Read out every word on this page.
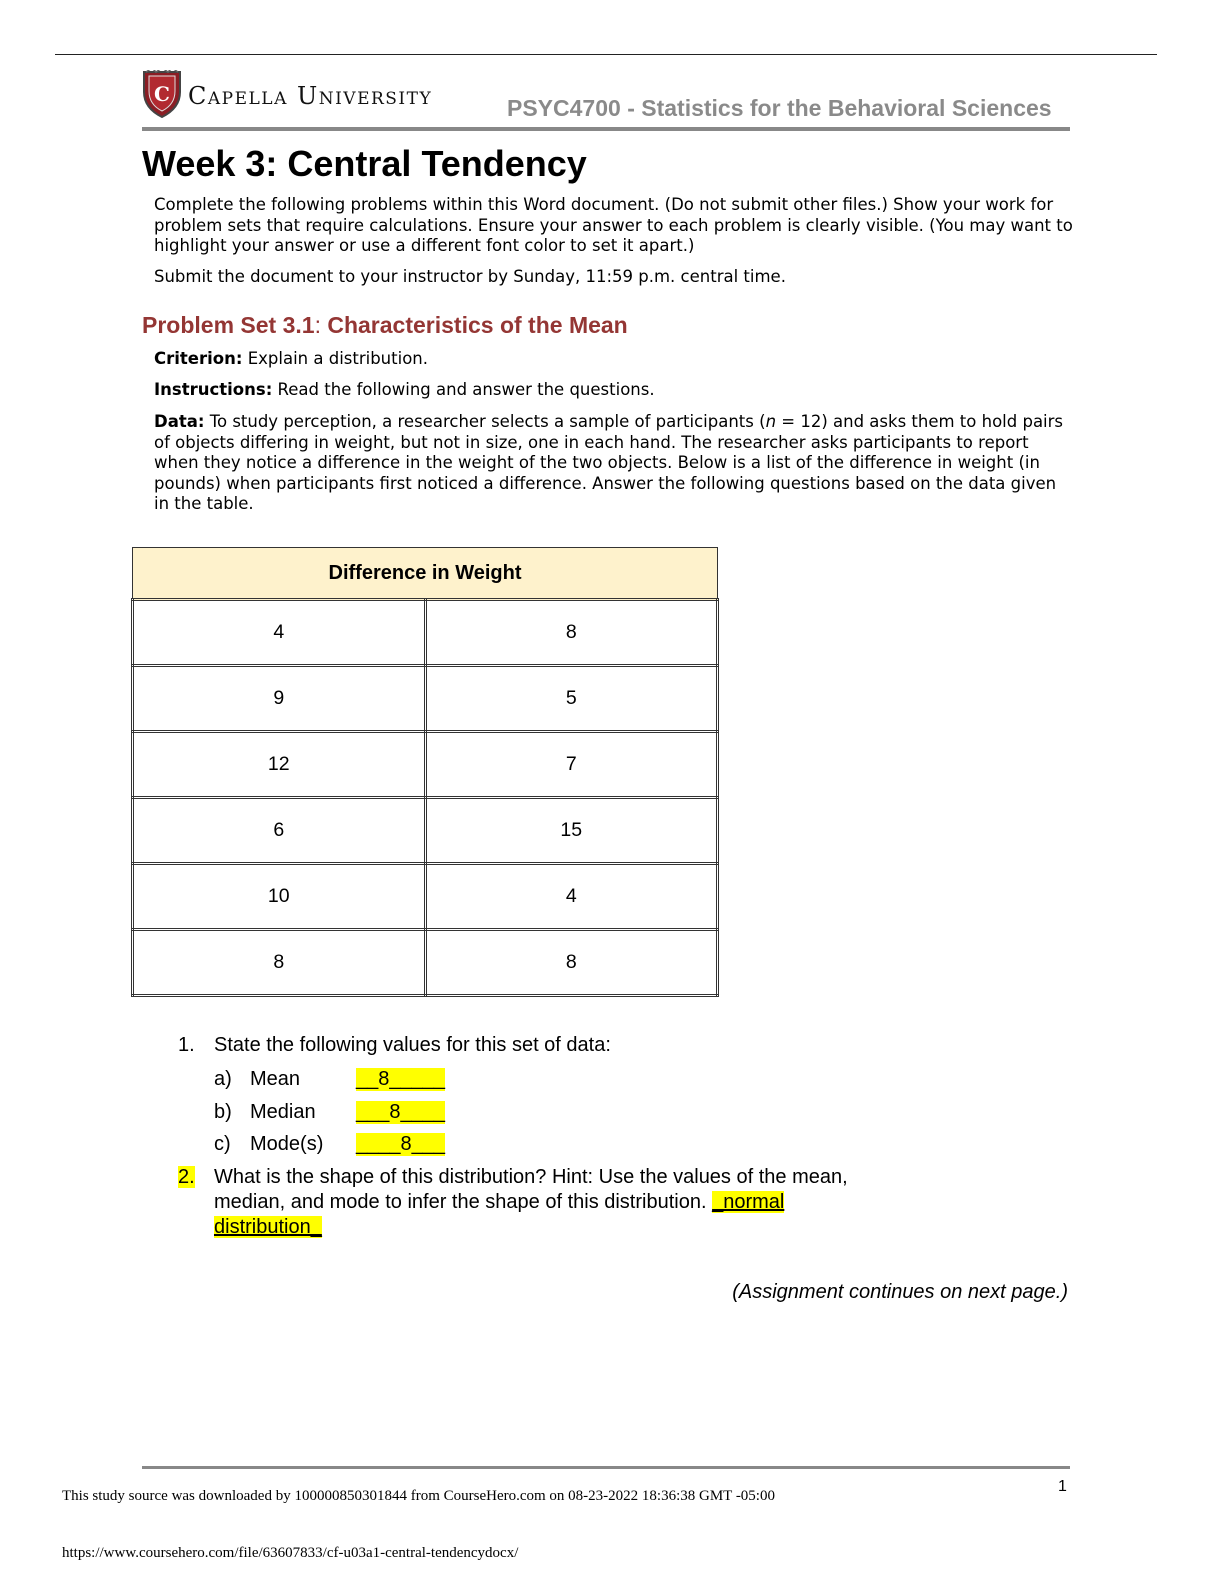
C Capella University	PSYC4700 - Statistics for the Behavioral Sciences
Week 3: Central Tendency
Complete the following problems within this Word document. (Do not submit other files.) Show your work for problem sets that require calculations. Ensure your answer to each problem is clearly visible. (You may want to highlight your answer or use a different font color to set it apart.)
Submit the document to your instructor by Sunday, 11:59 p.m. central time.
Problem Set 3.1: Characteristics of the Mean
Criterion: Explain a distribution.
Instructions: Read the following and answer the questions.
Data: To study perception, a researcher selects a sample of participants (n = 12) and asks them to hold pairs of objects differing in weight, but not in size, one in each hand. The researcher asks participants to report when they notice a difference in the weight of the two objects. Below is a list of the difference in weight (in pounds) when participants first noticed a difference. Answer the following questions based on the data given in the table.
Difference in Weight	
4	8
9	5
12	7
6	15
10	4
8	8
1. State the following values for this set of data:
a) Mean	__8_____
b) Median ___8____
c) Mode(s) ____8___
2. What is the shape of this distribution? Hint: Use the values of the mean,
median, and mode to infer the shape of this distribution. _normal
distribution_
(Assignment continues on next page.)
1
This study source was downloaded by 100000850301844 from CourseHero.com on 08-23-2022 18:36:38 GMT -05:00
https://www.coursehero.com/file/63607833/cf-u03a1-central-tendencydocx/
